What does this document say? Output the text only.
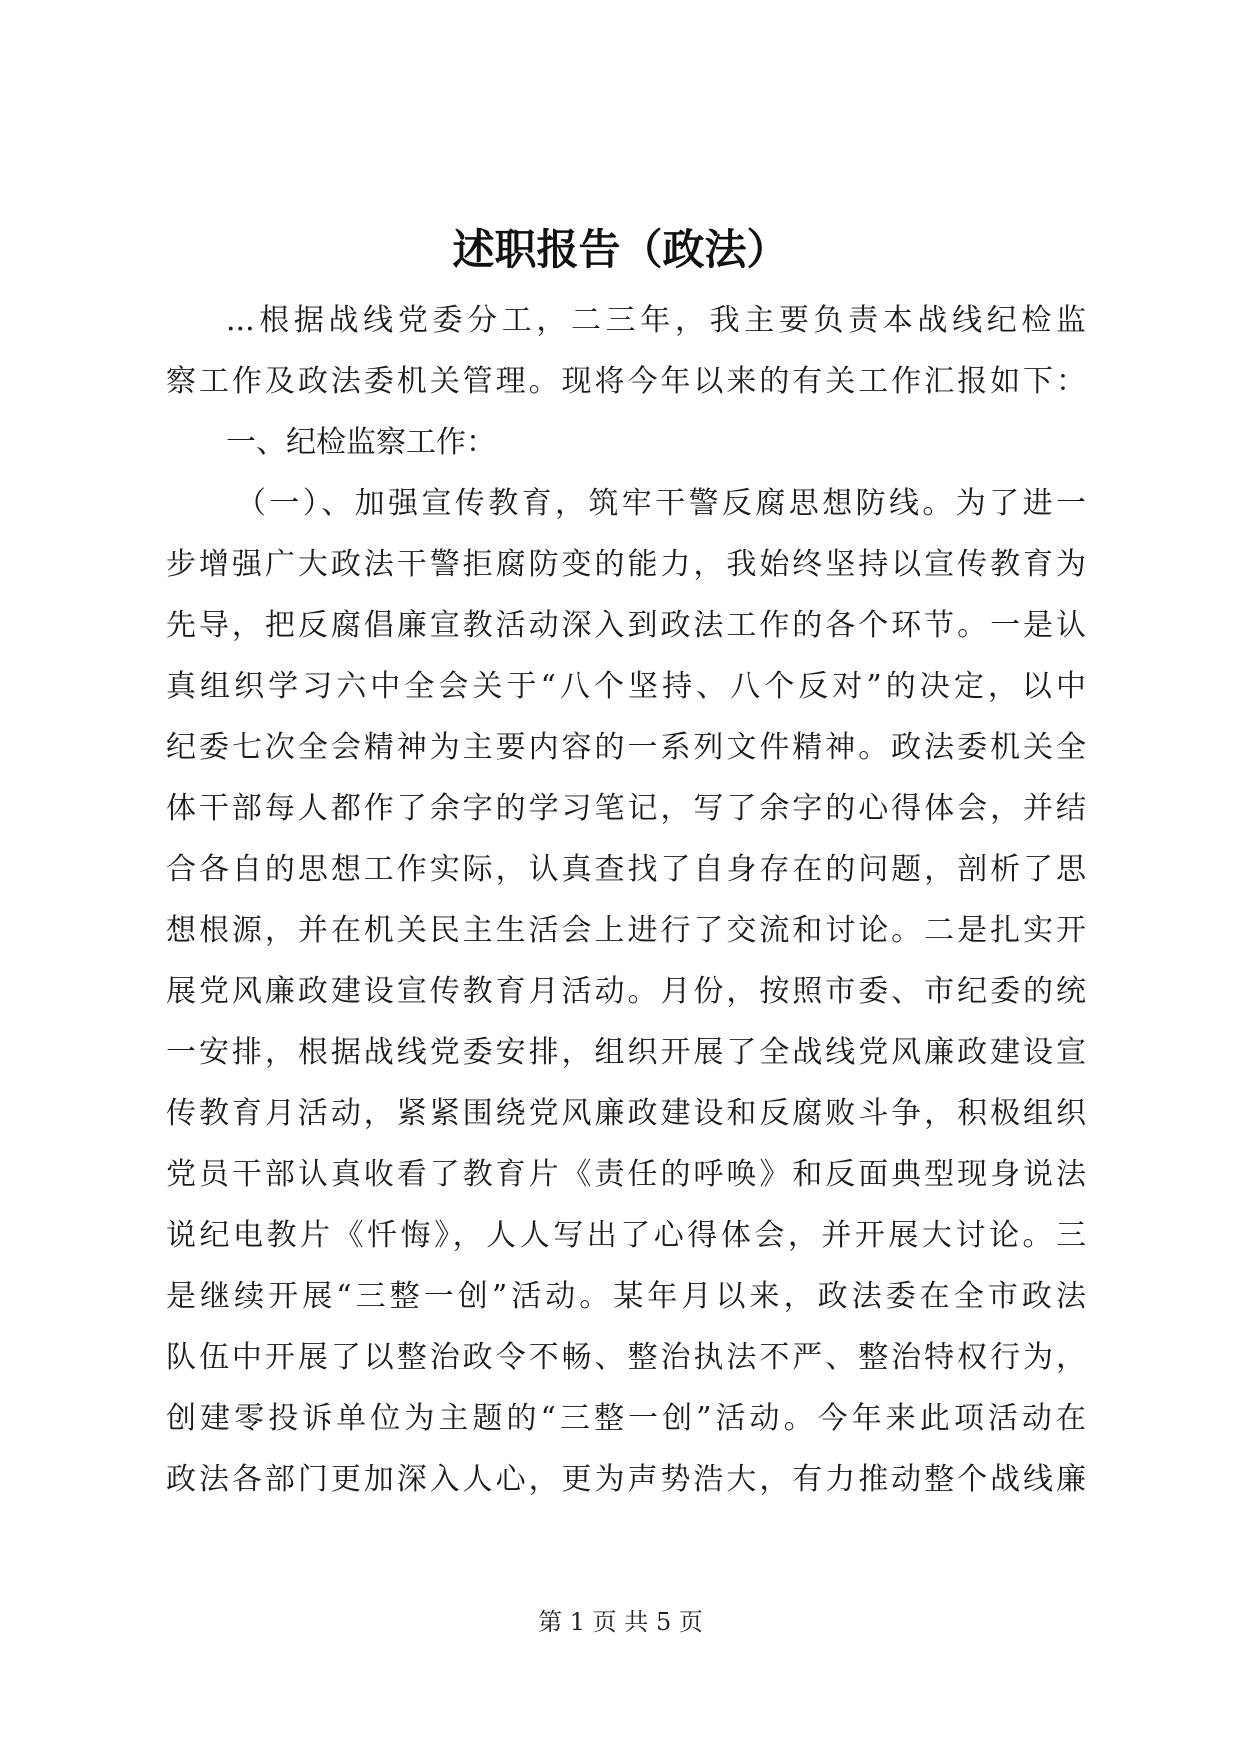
述职报告（政法）
...根据战线党委分工，二三年，我主要负责本战线纪检监
察工作及政法委机关管理。现将今年以来的有关工作汇报如下：
一、纪检监察工作：
（一）、加强宣传教育，筑牢干警反腐思想防线。为了进一
步增强广大政法干警拒腐防变的能力，我始终坚持以宣传教育为
先导，把反腐倡廉宣教活动深入到政法工作的各个环节。一是认
真组织学习六中全会关于“八个坚持、八个反对”的决定，以中
纪委七次全会精神为主要内容的一系列文件精神。政法委机关全
体干部每人都作了余字的学习笔记，写了余字的心得体会，并结
合各自的思想工作实际，认真查找了自身存在的问题，剖析了思
想根源，并在机关民主生活会上进行了交流和讨论。二是扎实开
展党风廉政建设宣传教育月活动。月份，按照市委、市纪委的统
一安排，根据战线党委安排，组织开展了全战线党风廉政建设宣
传教育月活动，紧紧围绕党风廉政建设和反腐败斗争，积极组织
党员干部认真收看了教育片《责任的呼唤》和反面典型现身说法
说纪电教片《忏悔》，人人写出了心得体会，并开展大讨论。三
是继续开展“三整一创”活动。某年月以来，政法委在全市政法
队伍中开展了以整治政令不畅、整治执法不严、整治特权行为，
创建零投诉单位为主题的“三整一创”活动。今年来此项活动在
政法各部门更加深入人心，更为声势浩大，有力推动整个战线廉
第 1 页 共 5 页
